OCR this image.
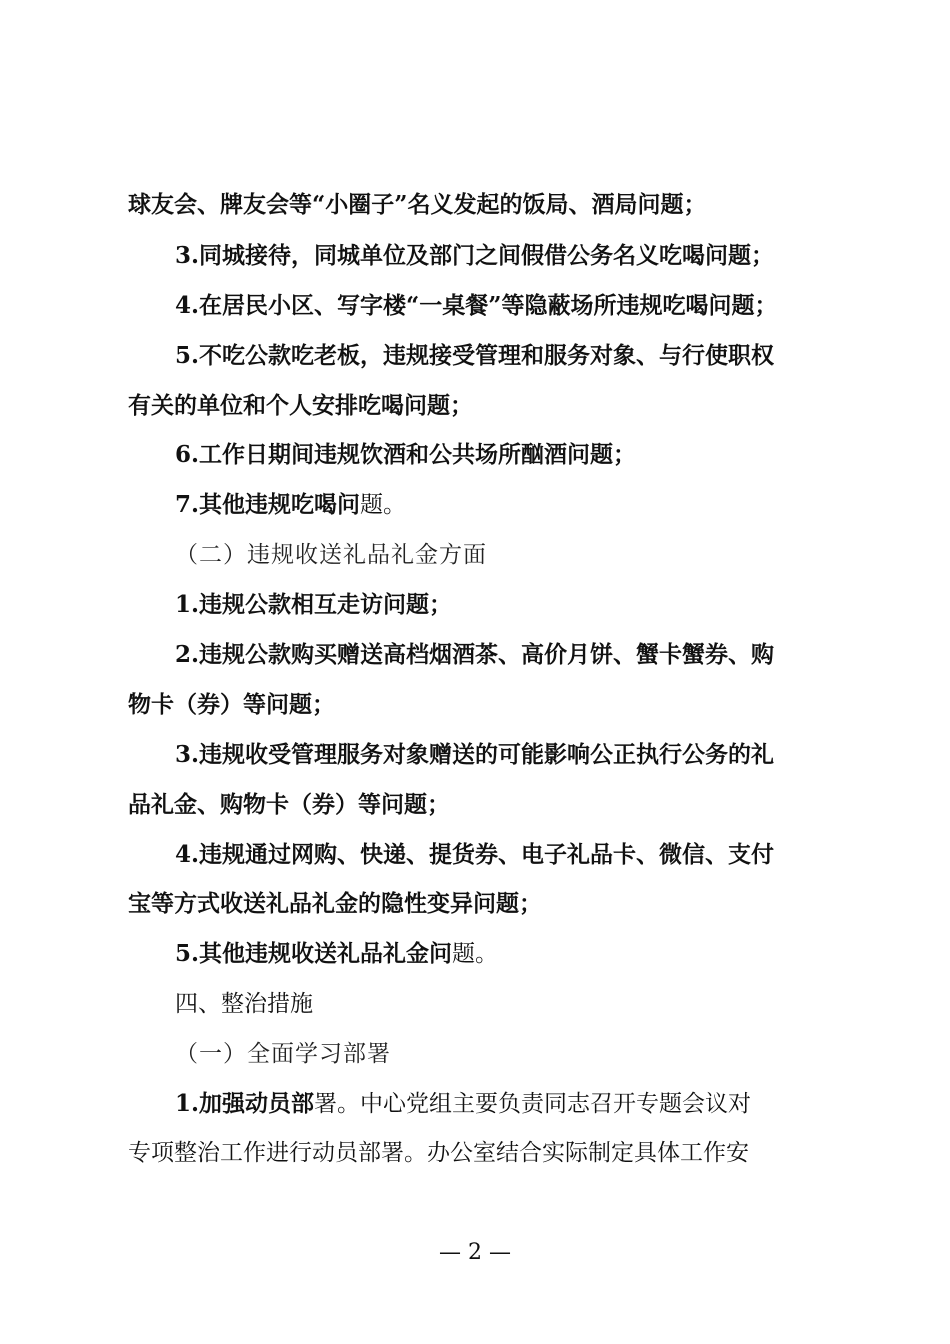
球友会、牌友会等“小圈子”名义发起的饭局、酒局问题；
3.同城接待，同城单位及部门之间假借公务名义吃喝问题；
4.在居民小区、写字楼“一桌餐”等隐蔽场所违规吃喝问题；
5.不吃公款吃老板，违规接受管理和服务对象、与行使职权
有关的单位和个人安排吃喝问题；
6.工作日期间违规饮酒和公共场所酗酒问题；
7.其他违规吃喝问题。
（二）违规收送礼品礼金方面
1.违规公款相互走访问题；
2.违规公款购买赠送高档烟酒茶、高价月饼、蟹卡蟹券、购
物卡（券）等问题；
3.违规收受管理服务对象赠送的可能影响公正执行公务的礼
品礼金、购物卡（券）等问题；
4.违规通过网购、快递、提货券、电子礼品卡、微信、支付
宝等方式收送礼品礼金的隐性变异问题；
5.其他违规收送礼品礼金问题。
四、整治措施
（一）全面学习部署
1.加强动员部署。中心党组主要负责同志召开专题会议对
专项整治工作进行动员部署。办公室结合实际制定具体工作安
— 2 —
